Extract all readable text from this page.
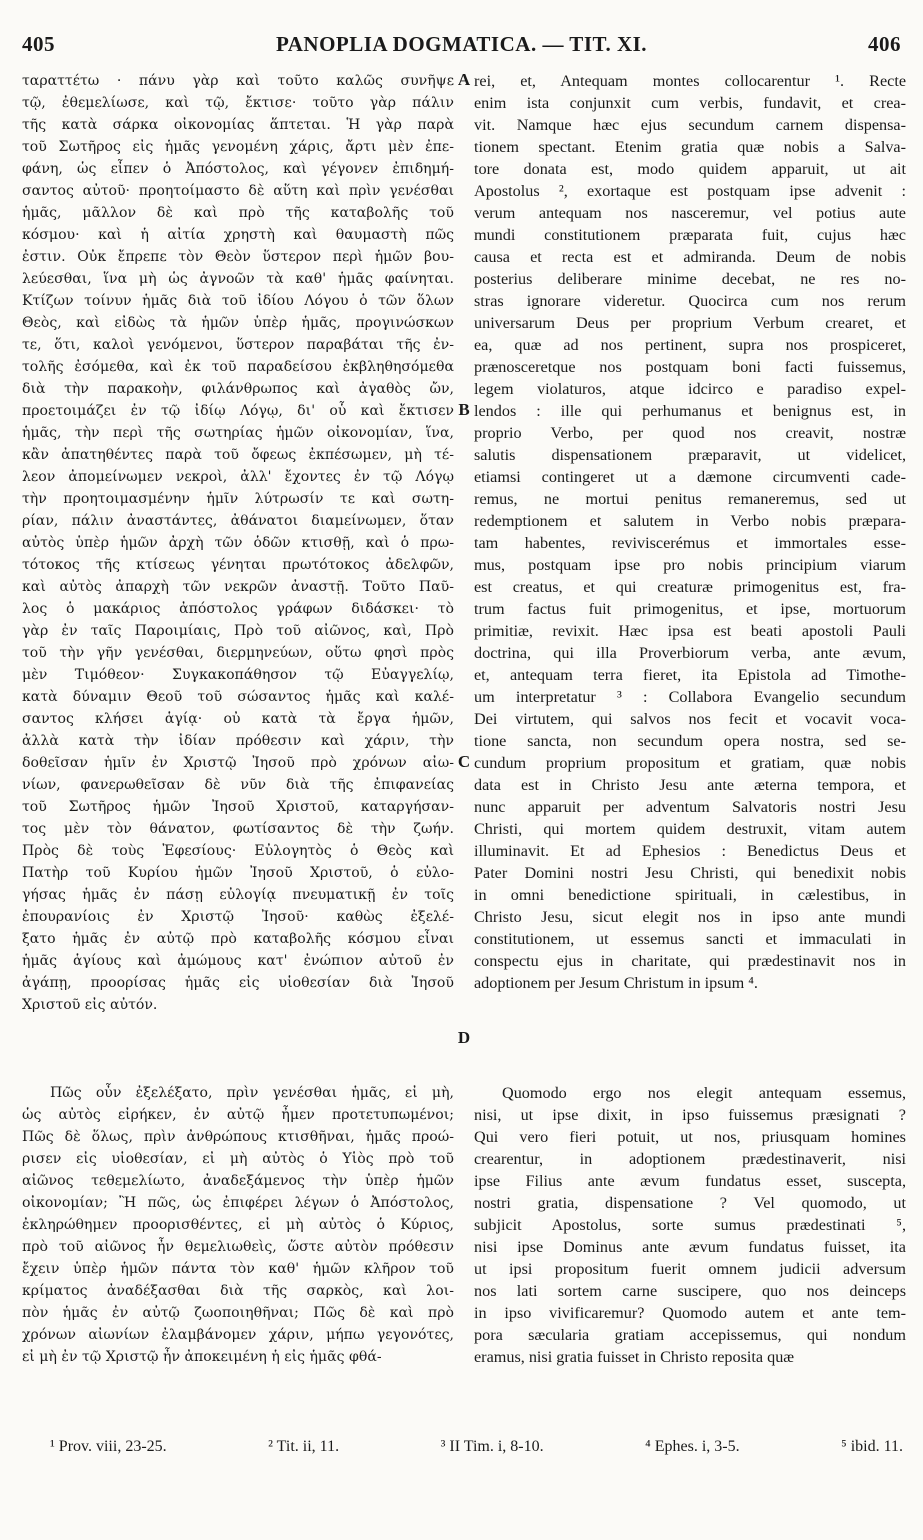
405	PANOPLIA DOGMATICA. — TIT. XI.	406
ταραττέτω · πάνυ γὰρ καὶ τοῦτο καλῶς συνῆψε
τῷ, ἐθεμελίωσε, καὶ τῷ, ἔκτισε· τοῦτο γὰρ πάλιν
τῆς κατὰ σάρκα οἰκονομίας ἅπτεται. Ἡ γὰρ παρὰ
τοῦ Σωτῆρος εἰς ἡμᾶς γενομένη χάρις, ἄρτι μὲν ἐπε-
φάνη, ὡς εἶπεν ὁ Ἀπόστολος, καὶ γέγονεν ἐπιδημή-
σαντος αὐτοῦ· προητοίμαστο δὲ αὕτη καὶ πρὶν γενέσθαι
ἡμᾶς, μᾶλλον δὲ καὶ πρὸ τῆς καταβολῆς τοῦ
κόσμου· καὶ ἡ αἰτία χρηστὴ καὶ θαυμαστὴ πῶς
ἐστιν. Οὐκ ἔπρεπε τὸν Θεὸν ὕστερον περὶ ἡμῶν βου-
λεύεσθαι, ἵνα μὴ ὡς ἀγνοῶν τὰ καθ' ἡμᾶς φαίνηται.
Κτίζων τοίνυν ἡμᾶς διὰ τοῦ ἰδίου Λόγου ὁ τῶν ὅλων
Θεὸς, καὶ εἰδὼς τὰ ἡμῶν ὑπὲρ ἡμᾶς, προγινώσκων
τε, ὅτι, καλοὶ γενόμενοι, ὕστερον παραβάται τῆς ἐν-
τολῆς ἐσόμεθα, καὶ ἐκ τοῦ παραδείσου ἐκβληθησόμεθα
διὰ τὴν παρακοὴν, φιλάνθρωπος καὶ ἀγαθὸς ὤν,
προετοιμάζει ἐν τῷ ἰδίῳ Λόγῳ, δι' οὗ καὶ ἔκτισεν
ἡμᾶς, τὴν περὶ τῆς σωτηρίας ἡμῶν οἰκονομίαν, ἵνα,
κἂν ἀπατηθέντες παρὰ τοῦ ὄφεως ἐκπέσωμεν, μὴ τέ-
λεον ἀπομείνωμεν νεκροὶ, ἀλλ' ἔχοντες ἐν τῷ Λόγῳ
τὴν προητοιμασμένην ἡμῖν λύτρωσίν τε καὶ σωτη-
ρίαν, πάλιν ἀναστάντες, ἀθάνατοι διαμείνωμεν, ὅταν
αὐτὸς ὑπὲρ ἡμῶν ἀρχὴ τῶν ὁδῶν κτισθῇ, καὶ ὁ πρω-
τότοκος τῆς κτίσεως γένηται πρωτότοκος ἀδελφῶν,
καὶ αὐτὸς ἀπαρχὴ τῶν νεκρῶν ἀναστῇ. Τοῦτο Παῦ-
λος ὁ μακάριος ἀπόστολος γράφων διδάσκει· τὸ
γὰρ ἐν ταῖς Παροιμίαις, Πρὸ τοῦ αἰῶνος, καὶ, Πρὸ
τοῦ τὴν γῆν γενέσθαι, διερμηνεύων, οὕτω φησὶ πρὸς
μὲν Τιμόθεον· Συγκακοπάθησον τῷ Εὐαγγελίῳ,
κατὰ δύναμιν Θεοῦ τοῦ σώσαντος ἡμᾶς καὶ καλέ-
σαντος κλήσει ἁγίᾳ· οὐ κατὰ τὰ ἔργα ἡμῶν,
ἀλλὰ κατὰ τὴν ἰδίαν πρόθεσιν καὶ χάριν, τὴν
δοθεῖσαν ἡμῖν ἐν Χριστῷ Ἰησοῦ πρὸ χρόνων αἰω-
νίων, φανερωθεῖσαν δὲ νῦν διὰ τῆς ἐπιφανείας
τοῦ Σωτῆρος ἡμῶν Ἰησοῦ Χριστοῦ, καταργήσαν-
τος μὲν τὸν θάνατον, φωτίσαντος δὲ τὴν ζωήν.
Πρὸς δὲ τοὺς Ἐφεσίους· Εὐλογητὸς ὁ Θεὸς καὶ
Πατὴρ τοῦ Κυρίου ἡμῶν Ἰησοῦ Χριστοῦ, ὁ εὐλο-
γήσας ἡμᾶς ἐν πάσῃ εὐλογίᾳ πνευματικῇ ἐν τοῖς
ἐπουρανίοις ἐν Χριστῷ Ἰησοῦ· καθὼς ἐξελέ-
ξατο ἡμᾶς ἐν αὐτῷ πρὸ καταβολῆς κόσμου εἶναι
ἡμᾶς ἁγίους καὶ ἀμώμους κατ' ἐνώπιον αὐτοῦ ἐν
ἀγάπῃ, προορίσας ἡμᾶς εἰς υἱοθεσίαν διὰ Ἰησοῦ
Χριστοῦ εἰς αὐτόν.
rei, et, Antequam montes collocarentur ¹. Recte
enim ista conjunxit cum verbis, fundavit, et crea-
vit. Namque hæc ejus secundum carnem dispensa-
tionem spectant. Etenim gratia quæ nobis a Salva-
tore donata est, modo quidem apparuit, ut ait
Apostolus ², exortaque est postquam ipse advenit :
verum antequam nos nasceremur, vel potius aute
mundi constitutionem præparata fuit, cujus hæc
causa et recta est et admiranda. Deum de nobis
posterius deliberare minime decebat, ne res no-
stras ignorare videretur. Quocirca cum nos rerum
universarum Deus per proprium Verbum crearet, et
ea, quæ ad nos pertinent, supra nos prospiceret,
prænosceretque nos postquam boni facti fuissemus,
legem violaturos, atque idcirco e paradiso expel-
lendos : ille qui perhumanus et benignus est, in
proprio Verbo, per quod nos creavit, nostræ
salutis dispensationem præparavit, ut videlicet,
etiamsi contingeret ut a dæmone circumventi cade-
remus, ne mortui penitus remaneremus, sed ut
redemptionem et salutem in Verbo nobis præpara-
tam habentes, reviviscerémus et immortales esse-
mus, postquam ipse pro nobis principium viarum
est creatus, et qui creaturæ primogenitus est, fra-
trum factus fuit primogenitus, et ipse, mortuorum
primitiæ, revixit. Hæc ipsa est beati apostoli Pauli
doctrina, qui illa Proverbiorum verba, ante ævum,
et, antequam terra fieret, ita Epistola ad Timothe-
um interpretatur ³ : Collabora Evangelio secundum
Dei virtutem, qui salvos nos fecit et vocavit voca-
tione sancta, non secundum opera nostra, sed se-
cundum proprium propositum et gratiam, quæ nobis
data est in Christo Jesu ante æterna tempora, et
nunc apparuit per adventum Salvatoris nostri Jesu
Christi, qui mortem quidem destruxit, vitam autem
illuminavit. Et ad Ephesios : Benedictus Deus et
Pater Domini nostri Jesu Christi, qui benedixit nobis
in omni benedictione spirituali, in cælestibus, in
Christo Jesu, sicut elegit nos in ipso ante mundi
constitutionem, ut essemus sancti et immaculati in
conspectu ejus in charitate, qui prædestinavit nos in
adoptionem per Jesum Christum in ipsum ⁴.
A
B
C
D
Πῶς οὖν ἐξελέξατο, πρὶν γενέσθαι ἡμᾶς, εἰ μὴ,
ὡς αὐτὸς εἰρήκεν, ἐν αὐτῷ ἦμεν προτετυπωμένοι;
Πῶς δὲ ὅλως, πρὶν ἀνθρώπους κτισθῆναι, ἡμᾶς προώ-
ρισεν εἰς υἱοθεσίαν, εἰ μὴ αὐτὸς ὁ Υἱὸς πρὸ τοῦ
αἰῶνος τεθεμελίωτο, ἀναδεξάμενος τὴν ὑπὲρ ἡμῶν
οἰκονομίαν; Ἢ πῶς, ὡς ἐπιφέρει λέγων ὁ Ἀπόστολος,
ἐκληρώθημεν προορισθέντες, εἰ μὴ αὐτὸς ὁ Κύριος,
πρὸ τοῦ αἰῶνος ἦν θεμελιωθεὶς, ὥστε αὐτὸν πρόθεσιν
ἔχειν ὑπὲρ ἡμῶν πάντα τὸν καθ' ἡμῶν κλῆρον τοῦ
κρίματος ἀναδέξασθαι διὰ τῆς σαρκὸς, καὶ λοι-
πὸν ἡμᾶς ἐν αὐτῷ ζωοποιηθῆναι; Πῶς δὲ καὶ πρὸ
χρόνων αἰωνίων ἐλαμβάνομεν χάριν, μήπω γεγονότες,
εἰ μὴ ἐν τῷ Χριστῷ ἦν ἀποκειμένη ἡ εἰς ἡμᾶς φθά-
Quomodo ergo nos elegit antequam essemus,
nisi, ut ipse dixit, in ipso fuissemus præsignati ?
Qui vero fieri potuit, ut nos, priusquam homines
crearentur, in adoptionem prædestinaverit, nisi
ipse Filius ante ævum fundatus esset, suscepta,
nostri gratia, dispensatione ? Vel quomodo, ut
subjicit Apostolus, sorte sumus prædestinati ⁵,
nisi ipse Dominus ante ævum fundatus fuisset, ita
ut ipsi propositum fuerit omnem judicii adversum
nos lati sortem carne suscipere, quo nos deinceps
in ipso vivificaremur? Quomodo autem et ante tem-
pora sæcularia gratiam accepissemus, qui nondum
eramus, nisi gratia fuisset in Christo reposita quæ
¹ Prov. viii, 23-25.	² Tit. ii, 11.	³ II Tim. i, 8-10.	⁴ Ephes. i, 3-5.	⁵ ibid. 11.
